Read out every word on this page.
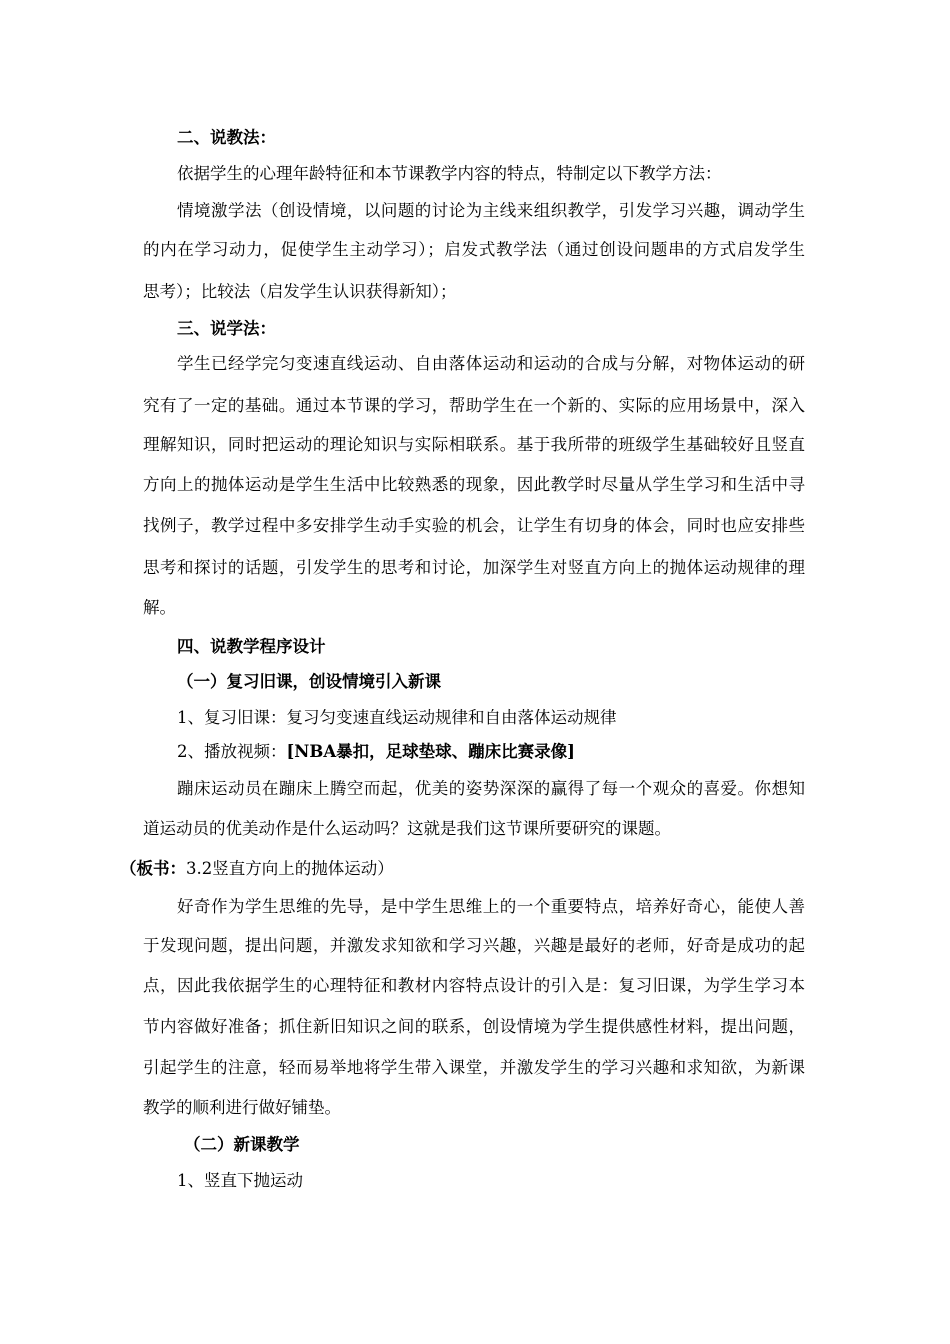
二、说教法：
依据学生的心理年龄特征和本节课教学内容的特点，特制定以下教学方法：
情境激学法（创设情境，以问题的讨论为主线来组织教学，引发学习兴趣，调动学生
的内在学习动力，促使学生主动学习）；启发式教学法（通过创设问题串的方式启发学生
思考）；比较法（启发学生认识获得新知）；
三、说学法：
学生已经学完匀变速直线运动、自由落体运动和运动的合成与分解，对物体运动的研
究有了一定的基础。通过本节课的学习，帮助学生在一个新的、实际的应用场景中，深入
理解知识，同时把运动的理论知识与实际相联系。基于我所带的班级学生基础较好且竖直
方向上的抛体运动是学生生活中比较熟悉的现象，因此教学时尽量从学生学习和生活中寻
找例子，教学过程中多安排学生动手实验的机会，让学生有切身的体会，同时也应安排些
思考和探讨的话题，引发学生的思考和讨论，加深学生对竖直方向上的抛体运动规律的理
解。
四、说教学程序设计
（一）复习旧课，创设情境引入新课
1、复习旧课：复习匀变速直线运动规律和自由落体运动规律
2、播放视频：[NBA暴扣，足球垫球、蹦床比赛录像]
蹦床运动员在蹦床上腾空而起，优美的姿势深深的赢得了每一个观众的喜爱。你想知
道运动员的优美动作是什么运动吗？这就是我们这节课所要研究的课题。
（板书：3.2竖直方向上的抛体运动）
好奇作为学生思维的先导，是中学生思维上的一个重要特点，培养好奇心，能使人善
于发现问题，提出问题，并激发求知欲和学习兴趣，兴趣是最好的老师，好奇是成功的起
点，因此我依据学生的心理特征和教材内容特点设计的引入是：复习旧课，为学生学习本
节内容做好准备；抓住新旧知识之间的联系，创设情境为学生提供感性材料，提出问题，
引起学生的注意，轻而易举地将学生带入课堂，并激发学生的学习兴趣和求知欲，为新课
教学的顺利进行做好铺垫。
（二）新课教学
1、竖直下抛运动
